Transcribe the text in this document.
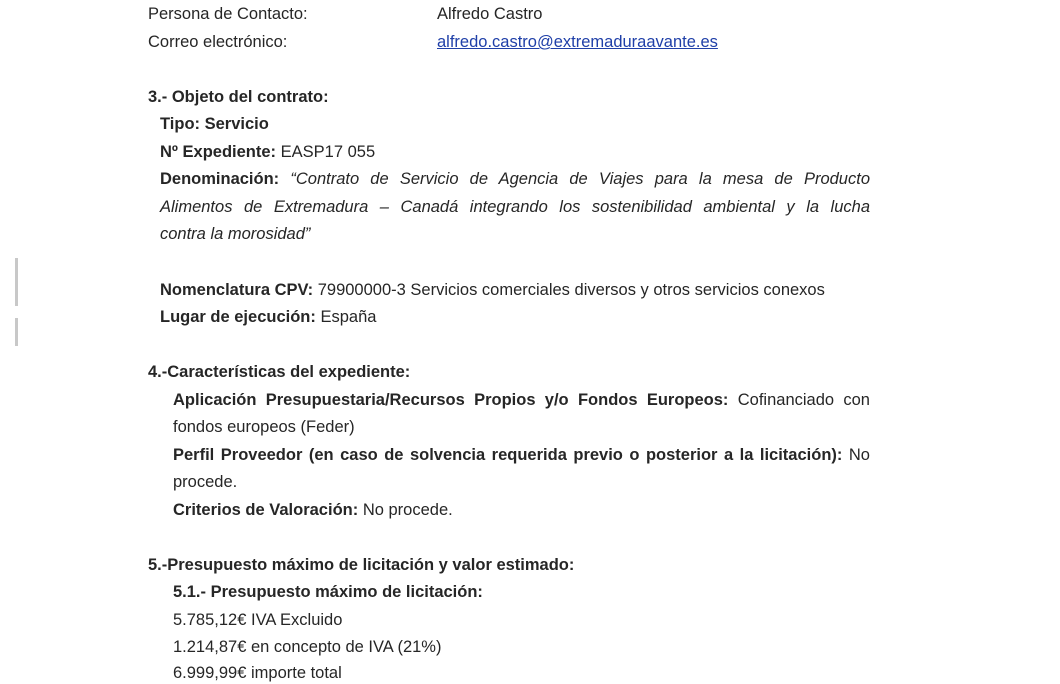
Persona de Contacto:	Alfredo Castro
Correo electrónico:	alfredo.castro@extremaduraavante.es
3.- Objeto del contrato:
Tipo: Servicio
Nº Expediente: EASP17 055
Denominación: “Contrato de Servicio de Agencia de Viajes para la mesa de Producto
Alimentos de Extremadura – Canadá integrando los sostenibilidad ambiental y la lucha
contra la morosidad”
Nomenclatura CPV: 79900000-3 Servicios comerciales diversos y otros servicios conexos
Lugar de ejecución: España
4.-Características del expediente:
Aplicación Presupuestaria/Recursos Propios y/o Fondos Europeos: Cofinanciado con
fondos europeos (Feder)
Perfil Proveedor (en caso de solvencia requerida previo o posterior a la licitación): No
procede.
Criterios de Valoración: No procede.
5.-Presupuesto máximo de licitación y valor estimado:
5.1.- Presupuesto máximo de licitación:
5.785,12€ IVA Excluido
1.214,87€ en concepto de IVA (21%)
6.999,99€ importe total
